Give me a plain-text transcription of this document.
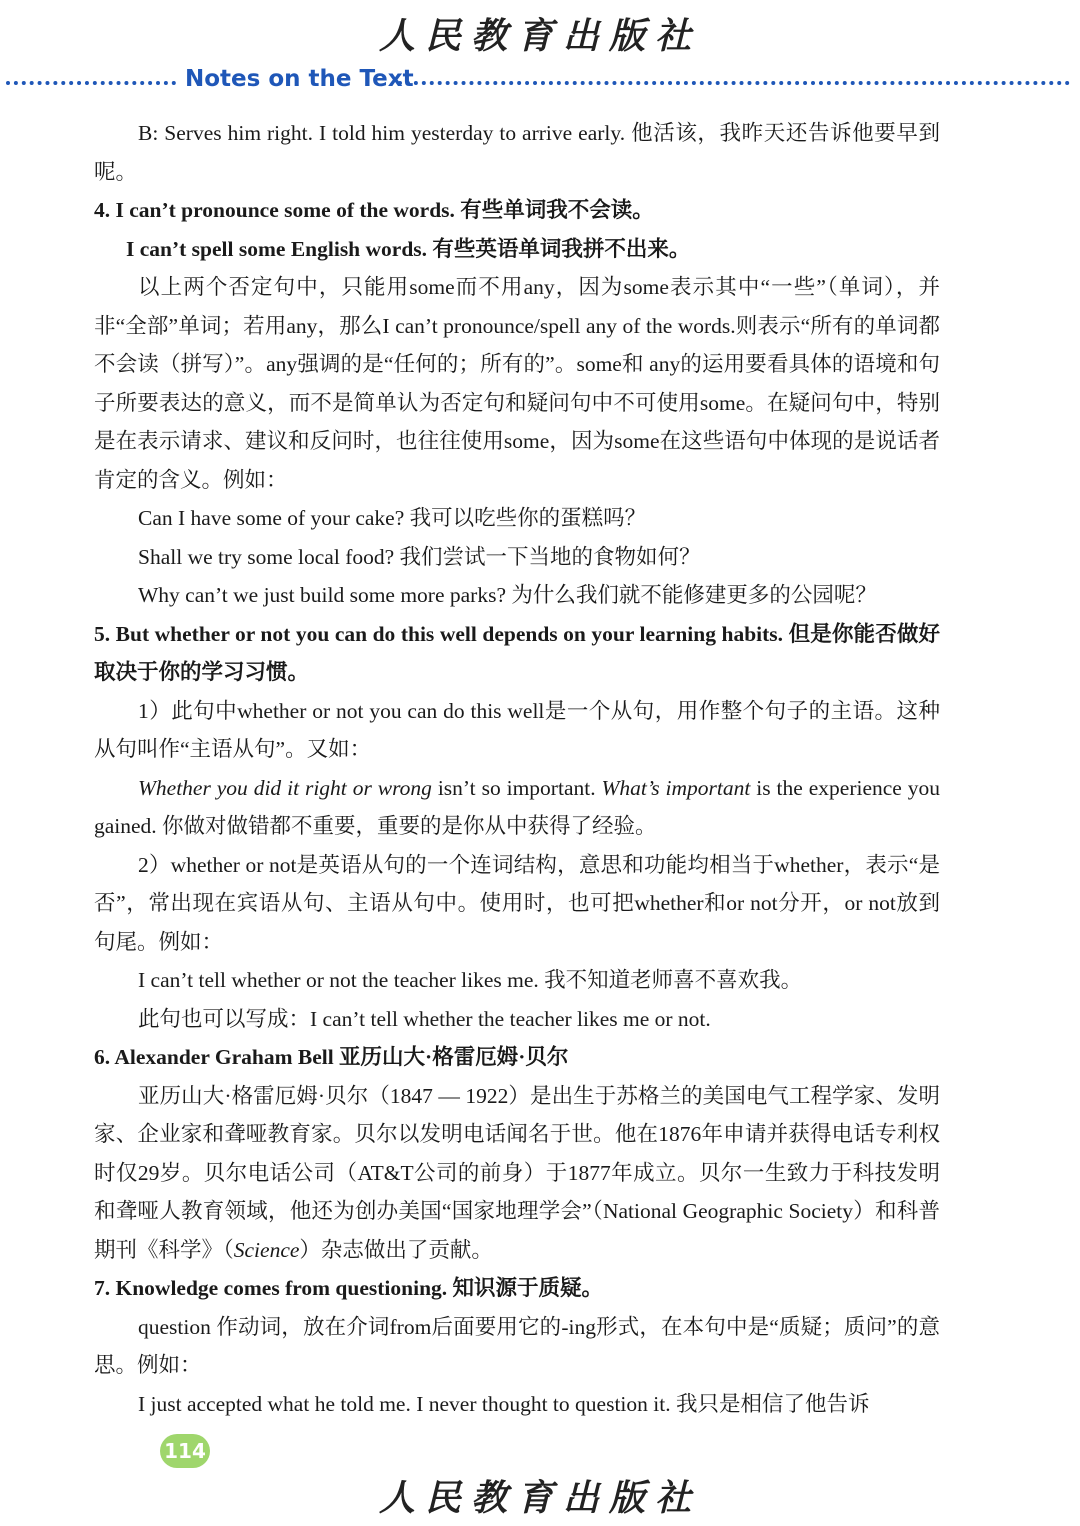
人民教育出版社
Notes on the Text

B: Serves him right. I told him yesterday to arrive early. 他活该，我昨天还告诉他要早到呢。

4. I can’t pronounce some of the words. 有些单词我不会读。

I can’t spell some English words. 有些英语单词我拼不出来。

以上两个否定句中，只能用some而不用any，因为some表示其中“一些”（单词），并非“全部”单词；若用any，那么I can’t pronounce/spell any of the words.则表示“所有的单词都不会读（拼写）”。any强调的是“任何的；所有的”。some和 any的运用要看具体的语境和句子所要表达的意义，而不是简单认为否定句和疑问句中不可使用some。在疑问句中，特别是在表示请求、建议和反问时，也往往使用some，因为some在这些语句中体现的是说话者肯定的含义。例如：

Can I have some of your cake? 我可以吃些你的蛋糕吗？

Shall we try some local food? 我们尝试一下当地的食物如何？

Why can’t we just build some more parks? 为什么我们就不能修建更多的公园呢？

5. But whether or not you can do this well depends on your learning habits. 但是你能否做好取决于你的学习习惯。

1）此句中whether or not you can do this well是一个从句，用作整个句子的主语。这种从句叫作“主语从句”。又如：

Whether you did it right or wrong isn’t so important. What’s important is the experience you gained. 你做对做错都不重要，重要的是你从中获得了经验。

2）whether or not是英语从句的一个连词结构，意思和功能均相当于whether，表示“是否”，常出现在宾语从句、主语从句中。使用时，也可把whether和or not分开，or not放到句尾。例如：

I can’t tell whether or not the teacher likes me. 我不知道老师喜不喜欢我。

此句也可以写成：I can’t tell whether the teacher likes me or not.

6. Alexander Graham Bell 亚历山大·格雷厄姆·贝尔

亚历山大·格雷厄姆·贝尔（1847 — 1922）是出生于苏格兰的美国电气工程学家、发明家、企业家和聋哑教育家。贝尔以发明电话闻名于世。他在1876年申请并获得电话专利权时仅29岁。贝尔电话公司（AT&T公司的前身）于1877年成立。贝尔一生致力于科技发明和聋哑人教育领域，他还为创办美国“国家地理学会”（National Geographic Society）和科普期刊《科学》（Science）杂志做出了贡献。

7. Knowledge comes from questioning. 知识源于质疑。

question 作动词，放在介词from后面要用它的-ing形式，在本句中是“质疑；质问”的意思。例如：

I just accepted what he told me. I never thought to question it. 我只是相信了他告诉

114
人民教育出版社
